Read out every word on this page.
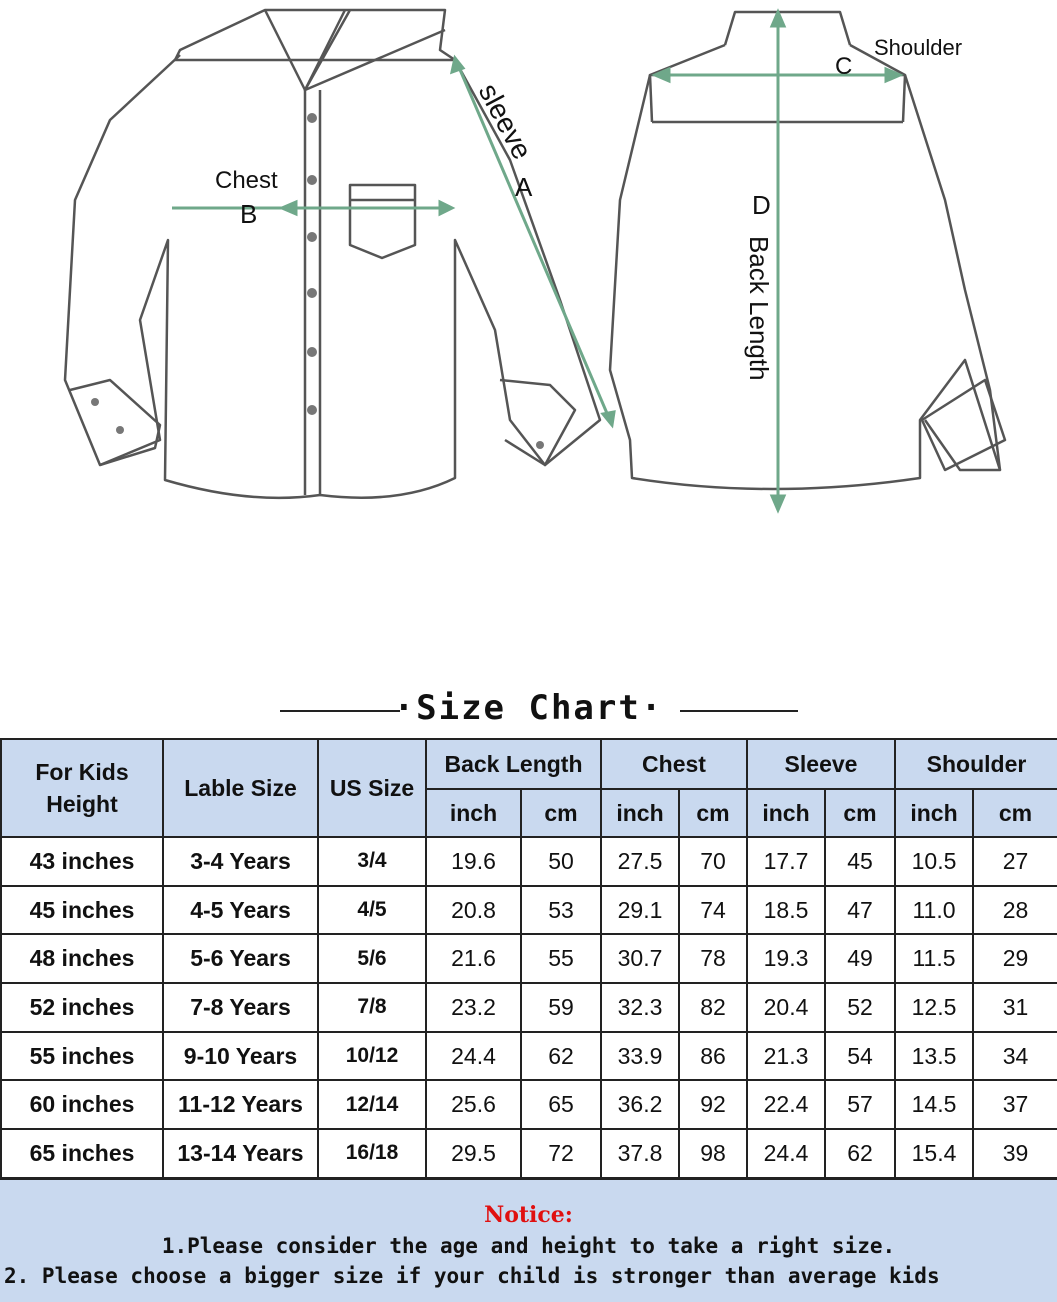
Chest
B
sleeve
A
Shoulder
C
D
Back Length
·Size Chart·
For Kids
Height	Lable Size	US Size	Back Length		Chest		Sleeve		Shoulder	
			inch	cm	inch	cm	inch	cm	inch	cm
43 inches	3-4 Years	3/4	19.6	50	27.5	70	17.7	45	10.5	27
45 inches	4-5 Years	4/5	20.8	53	29.1	74	18.5	47	11.0	28
48 inches	5-6 Years	5/6	21.6	55	30.7	78	19.3	49	11.5	29
52 inches	7-8 Years	7/8	23.2	59	32.3	82	20.4	52	12.5	31
55 inches	9-10 Years	10/12	24.4	62	33.9	86	21.3	54	13.5	34
60 inches	11-12 Years	12/14	25.6	65	36.2	92	22.4	57	14.5	37
65 inches	13-14 Years	16/18	29.5	72	37.8	98	24.4	62	15.4	39
Notice:
1.Please consider the age and height to take a right size.
2. Please choose a bigger size if your child is stronger than average kids
